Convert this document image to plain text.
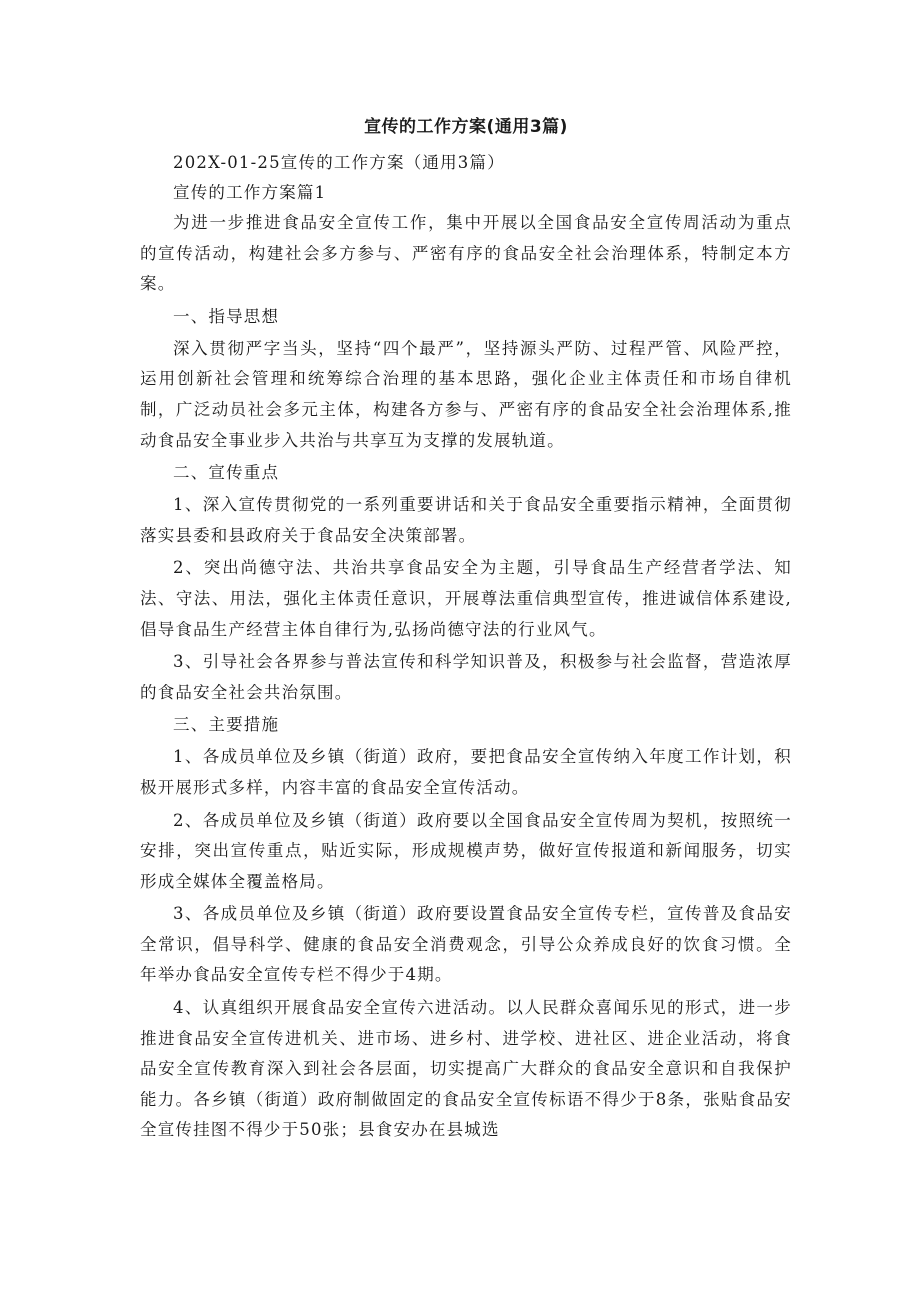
宣传的工作方案(通用3篇)

202X-01-25宣传的工作方案（通用3篇）

宣传的工作方案篇1

为进一步推进食品安全宣传工作，集中开展以全国食品安全宣传周活动为重点的宣传活动，构建社会多方参与、严密有序的食品安全社会治理体系，特制定本方案。

一、指导思想

深入贯彻严字当头，坚持“四个最严”，坚持源头严防、过程严管、风险严控，运用创新社会管理和统筹综合治理的基本思路，强化企业主体责任和市场自律机制，广泛动员社会多元主体，构建各方参与、严密有序的食品安全社会治理体系,推动食品安全事业步入共治与共享互为支撑的发展轨道。

二、宣传重点

1、深入宣传贯彻党的一系列重要讲话和关于食品安全重要指示精神，全面贯彻落实县委和县政府关于食品安全决策部署。

2、突出尚德守法、共治共享食品安全为主题，引导食品生产经营者学法、知法、守法、用法，强化主体责任意识，开展尊法重信典型宣传，推进诚信体系建设,倡导食品生产经营主体自律行为,弘扬尚德守法的行业风气。

3、引导社会各界参与普法宣传和科学知识普及，积极参与社会监督，营造浓厚的食品安全社会共治氛围。

三、主要措施

1、各成员单位及乡镇（街道）政府，要把食品安全宣传纳入年度工作计划，积极开展形式多样，内容丰富的食品安全宣传活动。

2、各成员单位及乡镇（街道）政府要以全国食品安全宣传周为契机，按照统一安排，突出宣传重点，贴近实际，形成规模声势，做好宣传报道和新闻服务，切实形成全媒体全覆盖格局。

3、各成员单位及乡镇（街道）政府要设置食品安全宣传专栏，宣传普及食品安全常识，倡导科学、健康的食品安全消费观念，引导公众养成良好的饮食习惯。全年举办食品安全宣传专栏不得少于4期。

4、认真组织开展食品安全宣传六进活动。以人民群众喜闻乐见的形式，进一步推进食品安全宣传进机关、进市场、进乡村、进学校、进社区、进企业活动，将食品安全宣传教育深入到社会各层面，切实提高广大群众的食品安全意识和自我保护能力。各乡镇（街道）政府制做固定的食品安全宣传标语不得少于8条，张贴食品安全宣传挂图不得少于50张；县食安办在县城选
